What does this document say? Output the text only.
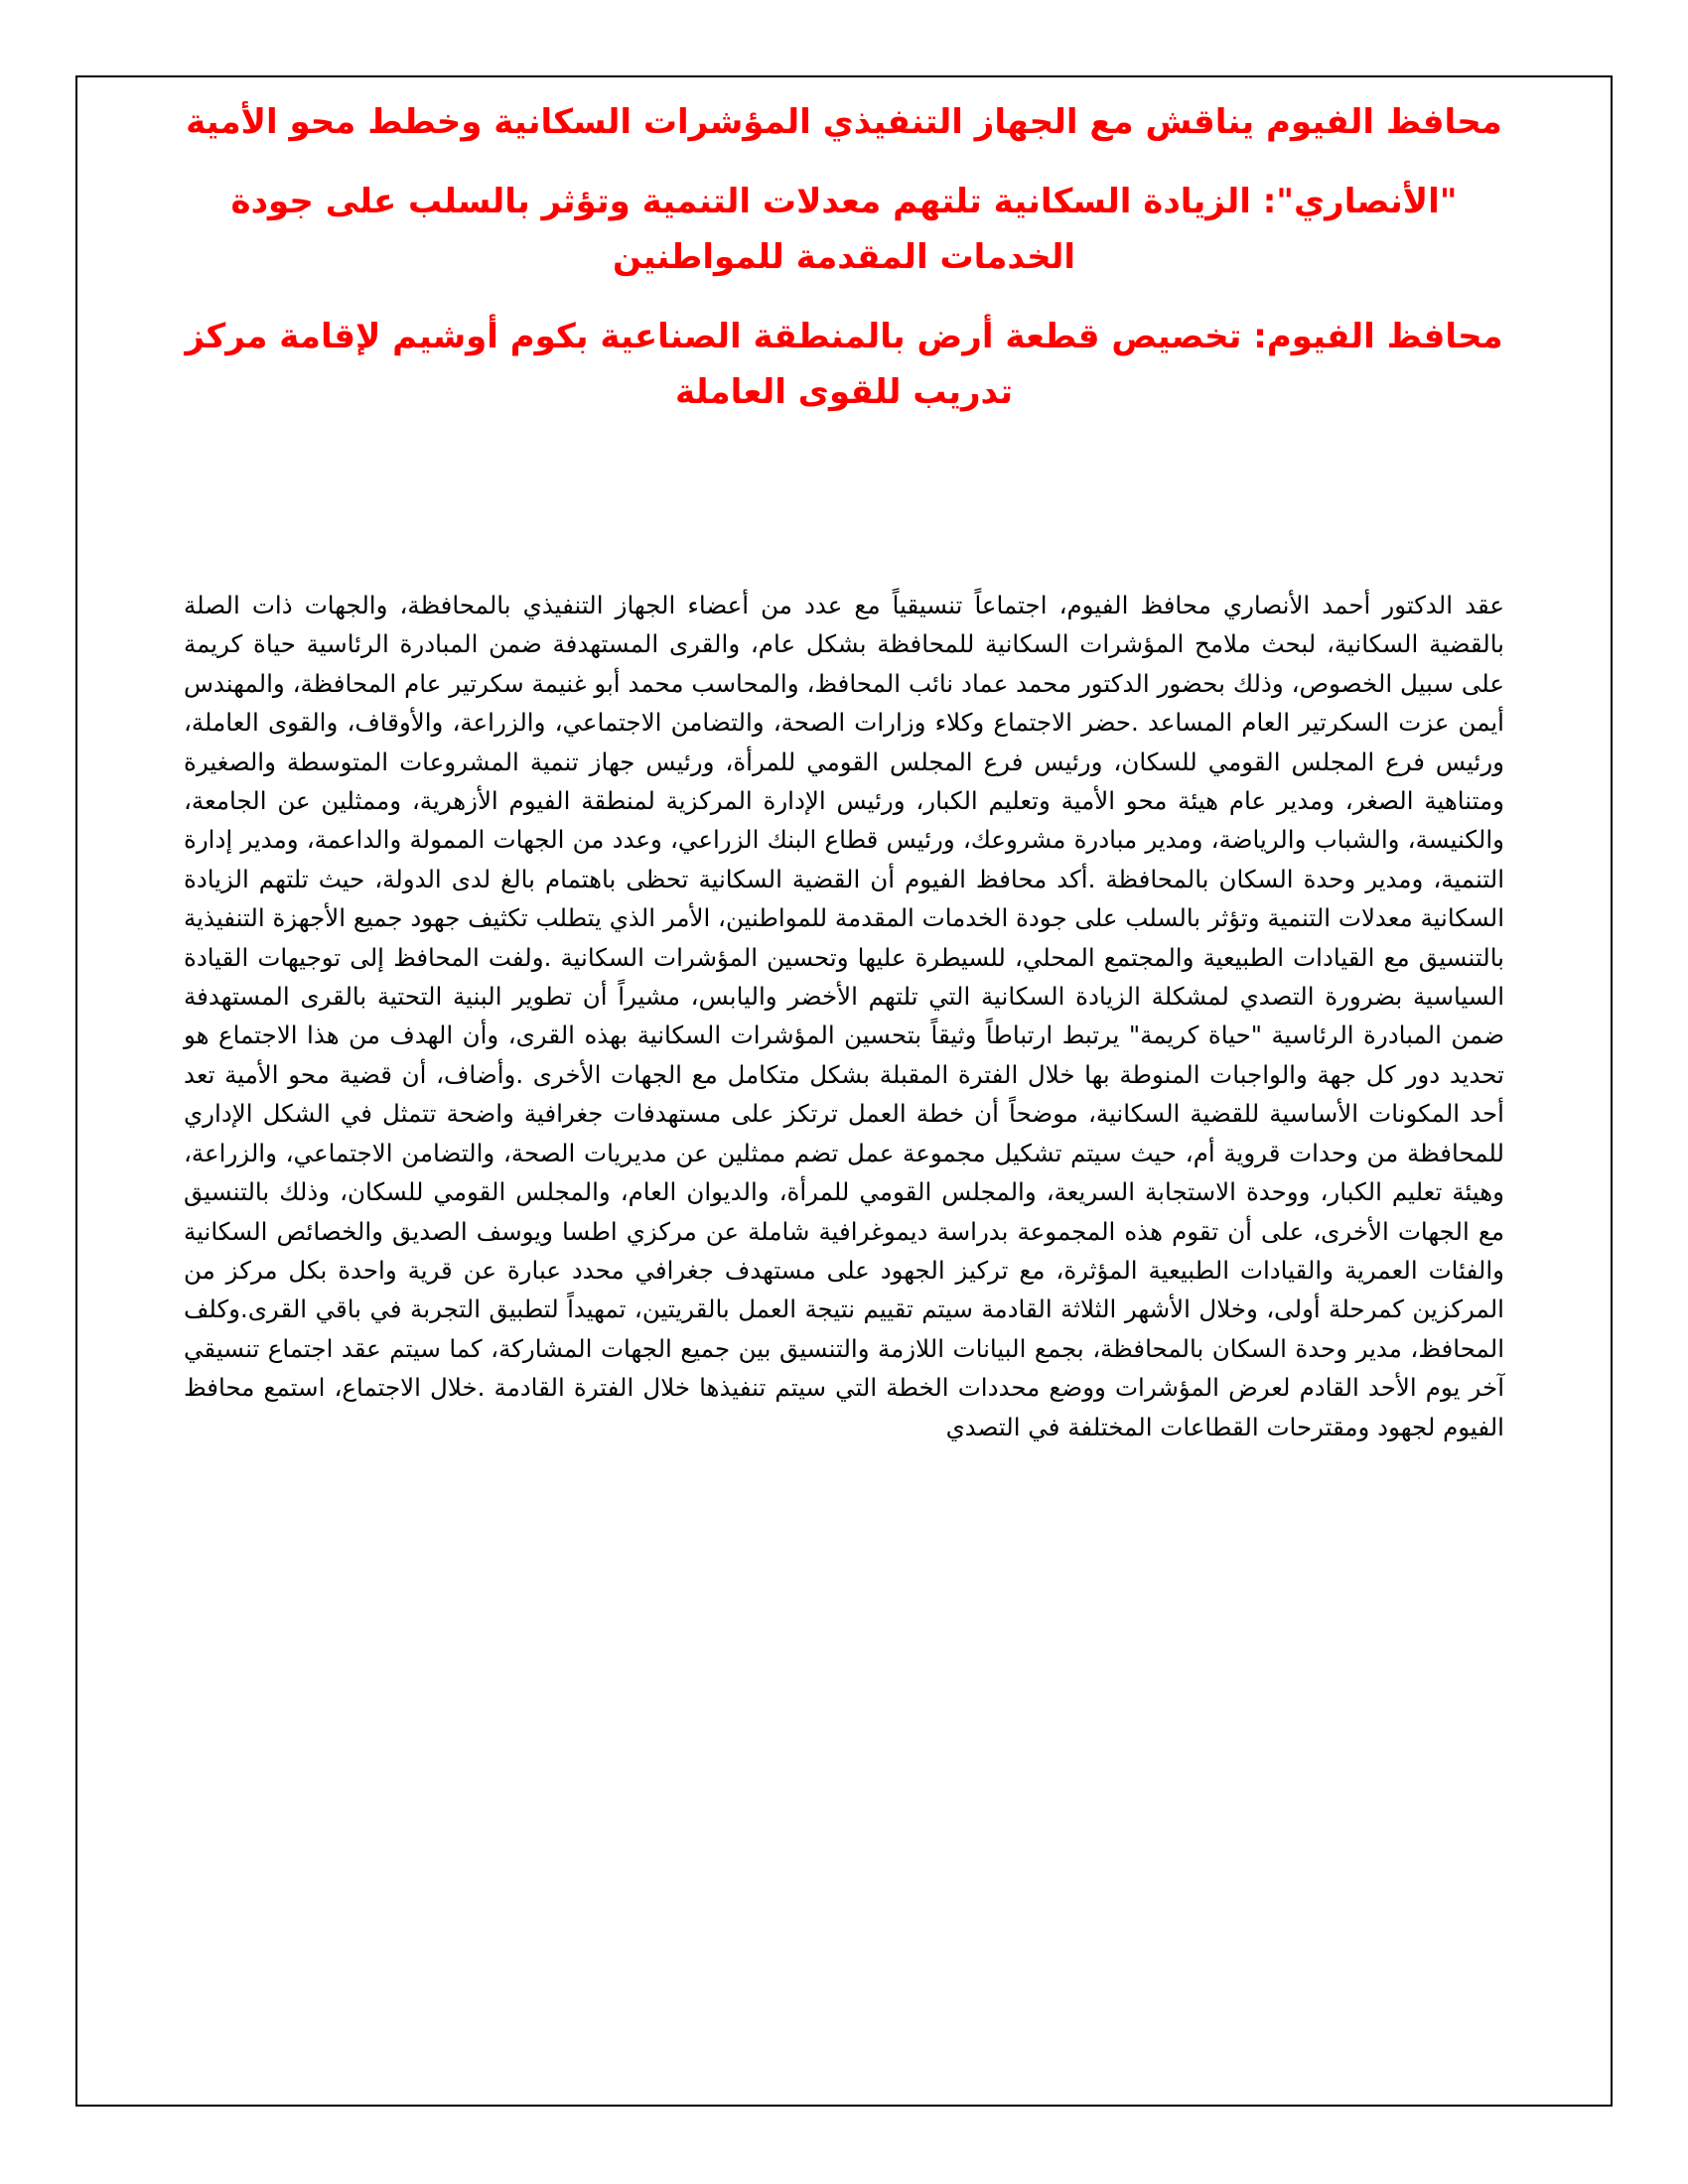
محافظ الفيوم يناقش مع الجهاز التنفيذي المؤشرات السكانية وخطط محو الأمية
"الأنصاري": الزيادة السكانية تلتهم معدلات التنمية وتؤثر بالسلب على جودة الخدمات المقدمة للمواطنين
محافظ الفيوم: تخصيص قطعة أرض بالمنطقة الصناعية بكوم أوشيم لإقامة مركز تدريب للقوى العاملة

عقد الدكتور أحمد الأنصاري محافظ الفيوم، اجتماعاً تنسيقياً مع عدد من أعضاء الجهاز التنفيذي بالمحافظة، والجهات ذات الصلة بالقضية السكانية، لبحث ملامح المؤشرات السكانية للمحافظة بشكل عام، والقرى المستهدفة ضمن المبادرة الرئاسية حياة كريمة على سبيل الخصوص، وذلك بحضور الدكتور محمد عماد نائب المحافظ، والمحاسب محمد أبو غنيمة سكرتير عام المحافظة، والمهندس أيمن عزت السكرتير العام المساعد .حضر الاجتماع وكلاء وزارات الصحة، والتضامن الاجتماعي، والزراعة، والأوقاف، والقوى العاملة، ورئيس فرع المجلس القومي للسكان، ورئيس فرع المجلس القومي للمرأة، ورئيس جهاز تنمية المشروعات المتوسطة والصغيرة ومتناهية الصغر، ومدير عام هيئة محو الأمية وتعليم الكبار، ورئيس الإدارة المركزية لمنطقة الفيوم الأزهرية، وممثلين عن الجامعة، والكنيسة، والشباب والرياضة، ومدير مبادرة مشروعك، ورئيس قطاع البنك الزراعي، وعدد من الجهات الممولة والداعمة، ومدير إدارة التنمية، ومدير وحدة السكان بالمحافظة .أكد محافظ الفيوم أن القضية السكانية تحظى باهتمام بالغ لدى الدولة، حيث تلتهم الزيادة السكانية معدلات التنمية وتؤثر بالسلب على جودة الخدمات المقدمة للمواطنين، الأمر الذي يتطلب تكثيف جهود جميع الأجهزة التنفيذية بالتنسيق مع القيادات الطبيعية والمجتمع المحلي، للسيطرة عليها وتحسين المؤشرات السكانية .ولفت المحافظ إلى توجيهات القيادة السياسية بضرورة التصدي لمشكلة الزيادة السكانية التي تلتهم الأخضر واليابس، مشيراً أن تطوير البنية التحتية بالقرى المستهدفة ضمن المبادرة الرئاسية "حياة كريمة" يرتبط ارتباطاً وثيقاً بتحسين المؤشرات السكانية بهذه القرى، وأن الهدف من هذا الاجتماع هو تحديد دور كل جهة والواجبات المنوطة بها خلال الفترة المقبلة بشكل متكامل مع الجهات الأخرى .وأضاف، أن قضية محو الأمية تعد أحد المكونات الأساسية للقضية السكانية، موضحاً أن خطة العمل ترتكز على مستهدفات جغرافية واضحة تتمثل في الشكل الإداري للمحافظة من وحدات قروية أم، حيث سيتم تشكيل مجموعة عمل تضم ممثلين عن مديريات الصحة، والتضامن الاجتماعي، والزراعة، وهيئة تعليم الكبار، ووحدة الاستجابة السريعة، والمجلس القومي للمرأة، والديوان العام، والمجلس القومي للسكان، وذلك بالتنسيق مع الجهات الأخرى، على أن تقوم هذه المجموعة بدراسة ديموغرافية شاملة عن مركزي اطسا ويوسف الصديق والخصائص السكانية والفئات العمرية والقيادات الطبيعية المؤثرة، مع تركيز الجهود على مستهدف جغرافي محدد عبارة عن قرية واحدة بكل مركز من المركزين كمرحلة أولى، وخلال الأشهر الثلاثة القادمة سيتم تقييم نتيجة العمل بالقريتين، تمهيداً لتطبيق التجربة في باقي القرى.وكلف المحافظ، مدير وحدة السكان بالمحافظة، بجمع البيانات اللازمة والتنسيق بين جميع الجهات المشاركة، كما سيتم عقد اجتماع تنسيقي آخر يوم الأحد القادم لعرض المؤشرات ووضع محددات الخطة التي سيتم تنفيذها خلال الفترة القادمة .خلال الاجتماع، استمع محافظ الفيوم لجهود ومقترحات القطاعات المختلفة في التصدي
